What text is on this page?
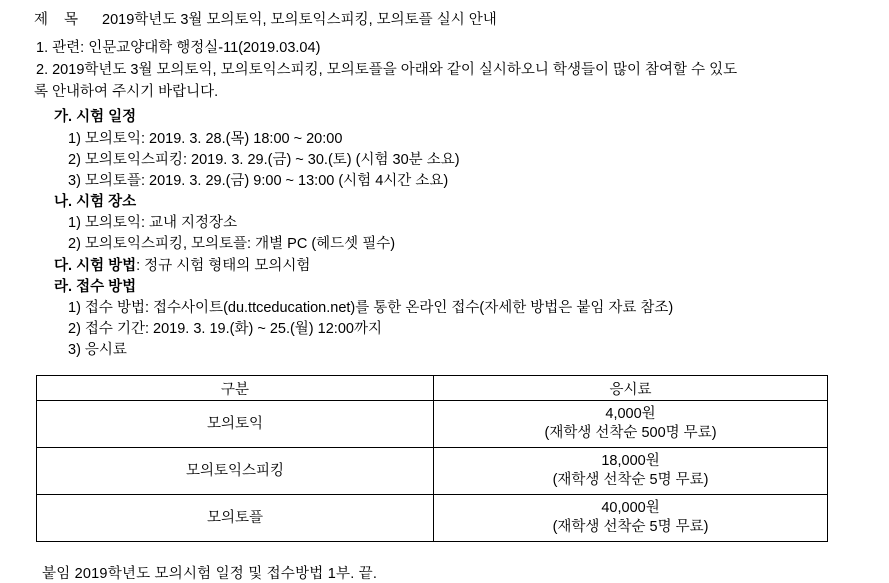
제 목 2019학년도 3월 모의토익, 모의토익스피킹, 모의토플 실시 안내

1. 관련: 인문교양대학 행정실-11(2019.03.04)

2. 2019학년도 3월 모의토익, 모의토익스피킹, 모의토플을 아래와 같이 실시하오니 학생들이 많이 참여할 수 있도

록 안내하여 주시기 바랍니다.

가. 시험 일정

1) 모의토익: 2019. 3. 28.(목) 18:00 ~ 20:00

2) 모의토익스피킹: 2019. 3. 29.(금) ~ 30.(토) (시험 30분 소요)

3) 모의토플: 2019. 3. 29.(금) 9:00 ~ 13:00 (시험 4시간 소요)

나. 시험 장소

1) 모의토익: 교내 지정장소

2) 모의토익스피킹, 모의토플: 개별 PC (헤드셋 필수)

다. 시험 방법: 정규 시험 형태의 모의시험

라. 접수 방법

1) 접수 방법: 접수사이트(du.ttceducation.net)를 통한 온라인 접수(자세한 방법은 붙임 자료 참조)

2) 접수 기간: 2019. 3. 19.(화) ~ 25.(월) 12:00까지

3) 응시료

구분	응시료
모의토익	4,000원
(재학생 선착순 500명 무료)

모의토익스피킹	18,000원
(재학생 선착순 5명 무료)

모의토플	40,000원
(재학생 선착순 5명 무료)

붙임 2019학년도 모의시험 일정 및 접수방법 1부. 끝.
